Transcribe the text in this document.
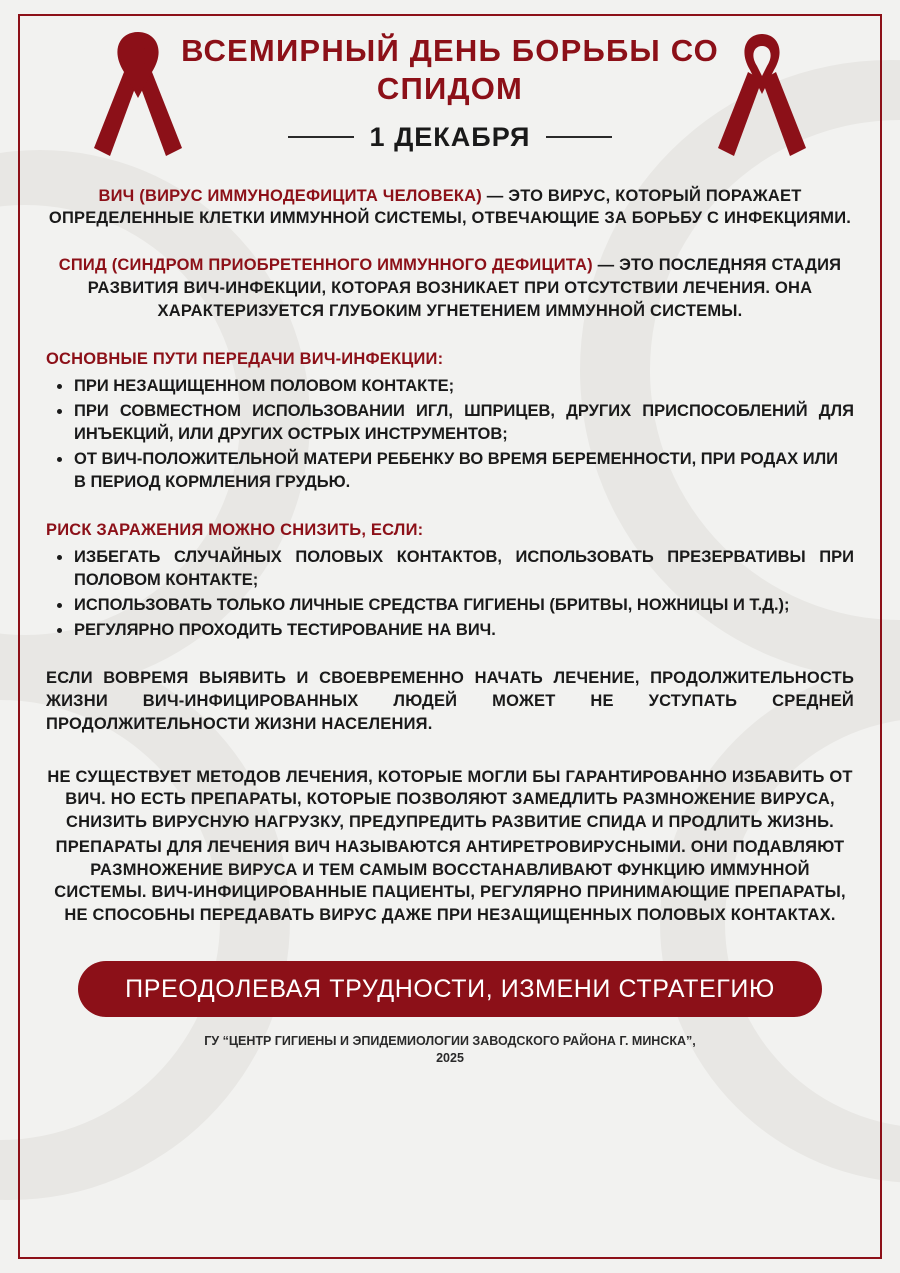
ВСЕМИРНЫЙ ДЕНЬ БОРЬБЫ СО СПИДОМ
1 ДЕКАБРЯ

ВИЧ (ВИРУС ИММУНОДЕФИЦИТА ЧЕЛОВЕКА) — ЭТО ВИРУС, КОТОРЫЙ ПОРАЖАЕТ ОПРЕДЕЛЕННЫЕ КЛЕТКИ ИММУННОЙ СИСТЕМЫ, ОТВЕЧАЮЩИЕ ЗА БОРЬБУ С ИНФЕКЦИЯМИ.

СПИД (СИНДРОМ ПРИОБРЕТЕННОГО ИММУННОГО ДЕФИЦИТА) — ЭТО ПОСЛЕДНЯЯ СТАДИЯ РАЗВИТИЯ ВИЧ-ИНФЕКЦИИ, КОТОРАЯ ВОЗНИКАЕТ ПРИ ОТСУТСТВИИ ЛЕЧЕНИЯ. ОНА ХАРАКТЕРИЗУЕТСЯ ГЛУБОКИМ УГНЕТЕНИЕМ ИММУННОЙ СИСТЕМЫ.

ОСНОВНЫЕ ПУТИ ПЕРЕДАЧИ ВИЧ-ИНФЕКЦИИ:
ПРИ НЕЗАЩИЩЕННОМ ПОЛОВОМ КОНТАКТЕ;
ПРИ СОВМЕСТНОМ ИСПОЛЬЗОВАНИИ ИГЛ, ШПРИЦЕВ, ДРУГИХ ПРИСПОСОБЛЕНИЙ ДЛЯ ИНЪЕКЦИЙ, ИЛИ ДРУГИХ ОСТРЫХ ИНСТРУМЕНТОВ;
ОТ ВИЧ-ПОЛОЖИТЕЛЬНОЙ МАТЕРИ РЕБЕНКУ ВО ВРЕМЯ БЕРЕМЕННОСТИ, ПРИ РОДАХ ИЛИ В ПЕРИОД КОРМЛЕНИЯ ГРУДЬЮ.
РИСК ЗАРАЖЕНИЯ МОЖНО СНИЗИТЬ, ЕСЛИ:
ИЗБЕГАТЬ СЛУЧАЙНЫХ ПОЛОВЫХ КОНТАКТОВ, ИСПОЛЬЗОВАТЬ ПРЕЗЕРВАТИВЫ ПРИ ПОЛОВОМ КОНТАКТЕ;
ИСПОЛЬЗОВАТЬ ТОЛЬКО ЛИЧНЫЕ СРЕДСТВА ГИГИЕНЫ (БРИТВЫ, НОЖНИЦЫ И Т.Д.);
РЕГУЛЯРНО ПРОХОДИТЬ ТЕСТИРОВАНИЕ НА ВИЧ.

ЕСЛИ ВОВРЕМЯ ВЫЯВИТЬ И СВОЕВРЕМЕННО НАЧАТЬ ЛЕЧЕНИЕ, ПРОДОЛЖИТЕЛЬНОСТЬ ЖИЗНИ ВИЧ-ИНФИЦИРОВАННЫХ ЛЮДЕЙ МОЖЕТ НЕ УСТУПАТЬ СРЕДНЕЙ ПРОДОЛЖИТЕЛЬНОСТИ ЖИЗНИ НАСЕЛЕНИЯ.

НЕ СУЩЕСТВУЕТ МЕТОДОВ ЛЕЧЕНИЯ, КОТОРЫЕ МОГЛИ БЫ ГАРАНТИРОВАННО ИЗБАВИТЬ ОТ ВИЧ. НО ЕСТЬ ПРЕПАРАТЫ, КОТОРЫЕ ПОЗВОЛЯЮТ ЗАМЕДЛИТЬ РАЗМНОЖЕНИЕ ВИРУСА, СНИЗИТЬ ВИРУСНУЮ НАГРУЗКУ, ПРЕДУПРЕДИТЬ РАЗВИТИЕ СПИДА И ПРОДЛИТЬ ЖИЗНЬ.

ПРЕПАРАТЫ ДЛЯ ЛЕЧЕНИЯ ВИЧ НАЗЫВАЮТСЯ АНТИРЕТРОВИРУСНЫМИ. ОНИ ПОДАВЛЯЮТ РАЗМНОЖЕНИЕ ВИРУСА И ТЕМ САМЫМ ВОССТАНАВЛИВАЮТ ФУНКЦИЮ ИММУННОЙ СИСТЕМЫ. ВИЧ-ИНФИЦИРОВАННЫЕ ПАЦИЕНТЫ, РЕГУЛЯРНО ПРИНИМАЮЩИЕ ПРЕПАРАТЫ, НЕ СПОСОБНЫ ПЕРЕДАВАТЬ ВИРУС ДАЖЕ ПРИ НЕЗАЩИЩЕННЫХ ПОЛОВЫХ КОНТАКТАХ.

ПРЕОДОЛЕВАЯ ТРУДНОСТИ, ИЗМЕНИ СТРАТЕГИЮ
ГУ “ЦЕНТР ГИГИЕНЫ И ЭПИДЕМИОЛОГИИ ЗАВОДСКОГО РАЙОНА Г. МИНСКА”, 2025
